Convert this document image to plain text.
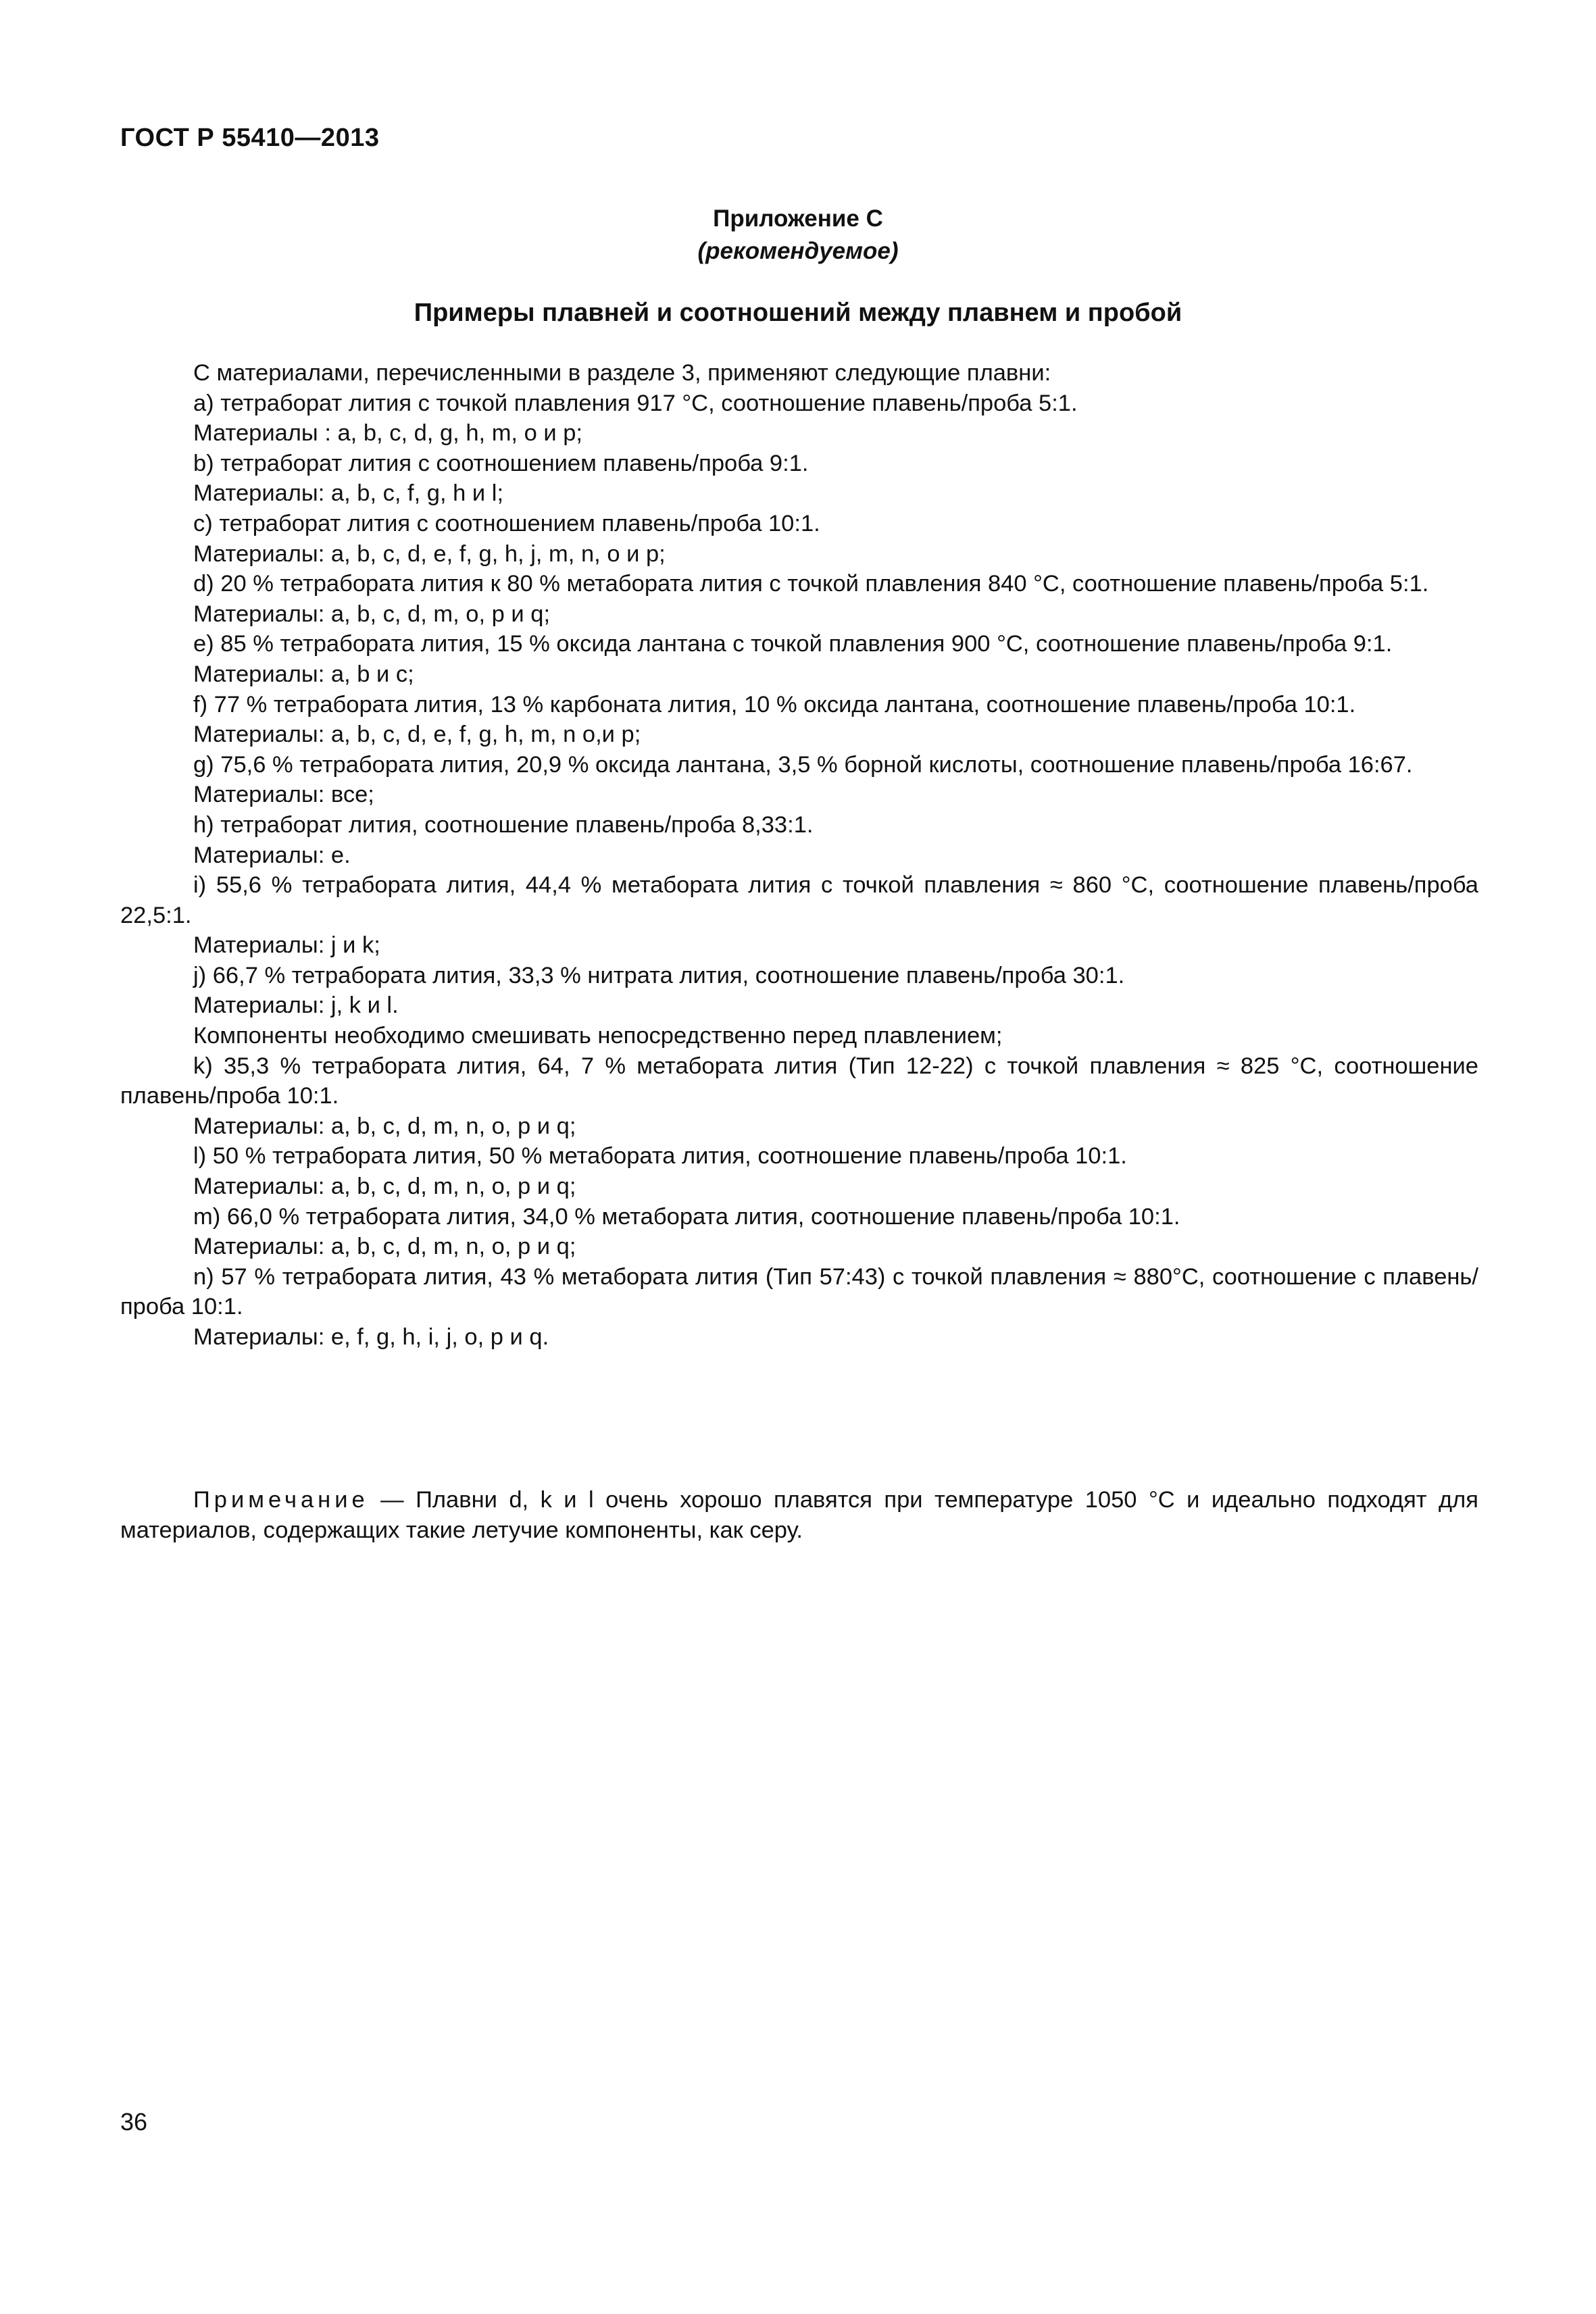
ГОСТ Р 55410—2013
Приложение С
(рекомендуемое)
Примеры плавней и соотношений между плавнем и пробой

С материалами, перечисленными в разделе 3, применяют следующие плавни:

а) тетраборат лития с точкой плавления 917 °С, соотношение плавень/проба 5:1.

Материалы : a, b, c, d, g, h, m, o и p;

b) тетраборат лития с соотношением плавень/проба 9:1.

Материалы: a, b, c, f, g, h и l;

c) тетраборат лития с соотношением плавень/проба 10:1.

Материалы: a, b, c, d, e, f, g, h, j, m, n, o и p;

d) 20 % тетрабората лития к 80 % метабората лития с точкой плавления 840 °С, соотношение плавень/проба 5:1.

Материалы: a, b, c, d, m, o, p и q;

e) 85 % тетрабората лития, 15 % оксида лантана с точкой плавления 900 °С, соотношение плавень/проба 9:1.

Материалы: a, b и c;

f) 77 % тетрабората лития, 13 % карбоната лития, 10 % оксида лантана, соотношение плавень/проба 10:1.

Материалы: a, b, c, d, e, f, g, h, m, n o,и p;

g) 75,6 % тетрабората лития, 20,9 % оксида лантана, 3,5 % борной кислоты, соотношение плавень/проба 16:67.

Материалы: все;

h) тетраборат лития, соотношение плавень/проба 8,33:1.

Материалы: e.

i) 55,6 % тетрабората лития, 44,4 % метабората лития с точкой плавления ≈ 860 °С, соотношение плавень/проба 22,5:1.

Материалы: j и k;

j) 66,7 % тетрабората лития, 33,3 % нитрата лития, соотношение плавень/проба 30:1.

Материалы: j, k и l.

Компоненты необходимо смешивать непосредственно перед плавлением;

k) 35,3 % тетрабората лития, 64, 7 % метабората лития (Тип 12-22) с точкой плавления ≈ 825 °С, соотношение плавень/проба 10:1.

Материалы: a, b, c, d, m, n, o, p и q;

l) 50 % тетрабората лития, 50 % метабората лития, соотношение плавень/проба 10:1.

Материалы: a, b, c, d, m, n, o, p и q;

m) 66,0 % тетрабората лития, 34,0 % метабората лития, соотношение плавень/проба 10:1.

Материалы: a, b, c, d, m, n, o, p и q;

n) 57 % тетрабората лития, 43 % метабората лития (Тип 57:43) с точкой плавления ≈ 880°С, соотношение с плавень/проба 10:1.

Материалы: e, f, g, h, i, j, o, p и q.

Примечание — Плавни d, k и l очень хорошо плавятся при температуре 1050 °С и идеально подходят для материалов, содержащих такие летучие компоненты, как серу.

36
